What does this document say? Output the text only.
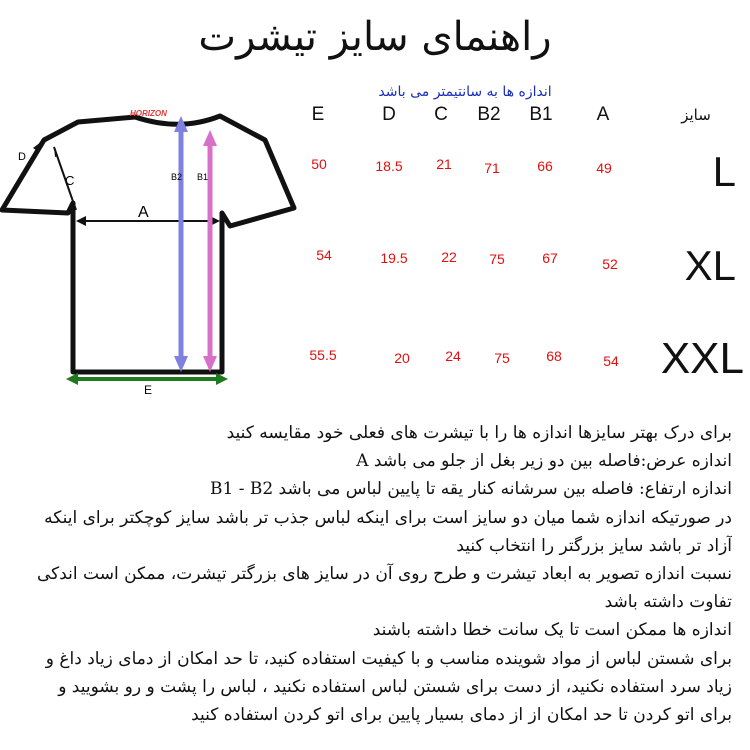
راهنمای سایز تیشرت
اندازه ها به سانتیمتر می باشد
D
C
A
B2 B1
E
HORIZON	سایز
E	D	C	B2	B1	A
50	18.5	21	71	66	49	L
54	19.5	22	75	67	52	XL
55.5	20	24	75	68	54 XXL
برای درک بهتر سایزها اندازه ها را با تیشرت های فعلی خود مقایسه کنید
اندازه عرض:فاصله بین دو زیر بغل از جلو می باشد A
اندازه ارتفاع: فاصله بین سرشانه کنار یقه تا پایین لباس می باشد B1 - B2
در صورتیکه اندازه شما میان دو سایز است برای اینکه لباس جذب تر باشد سایز کوچکتر برای اینکه
آزاد تر باشد سایز بزرگتر را انتخاب کنید
نسبت اندازه تصویر به ابعاد تیشرت و طرح روی آن در سایز های بزرگتر تیشرت، ممکن است اندکی
تفاوت داشته باشد
اندازه ها ممکن است تا یک سانت خطا داشته باشند
برای شستن لباس از مواد شوینده مناسب و با کیفیت استفاده کنید، تا حد امکان از دمای زیاد داغ و
زیاد سرد استفاده نکنید، از دست برای شستن لباس استفاده نکنید ، لباس را پشت و رو بشویید و
برای اتو کردن تا حد امکان از از دمای بسیار پایین برای اتو کردن استفاده کنید
